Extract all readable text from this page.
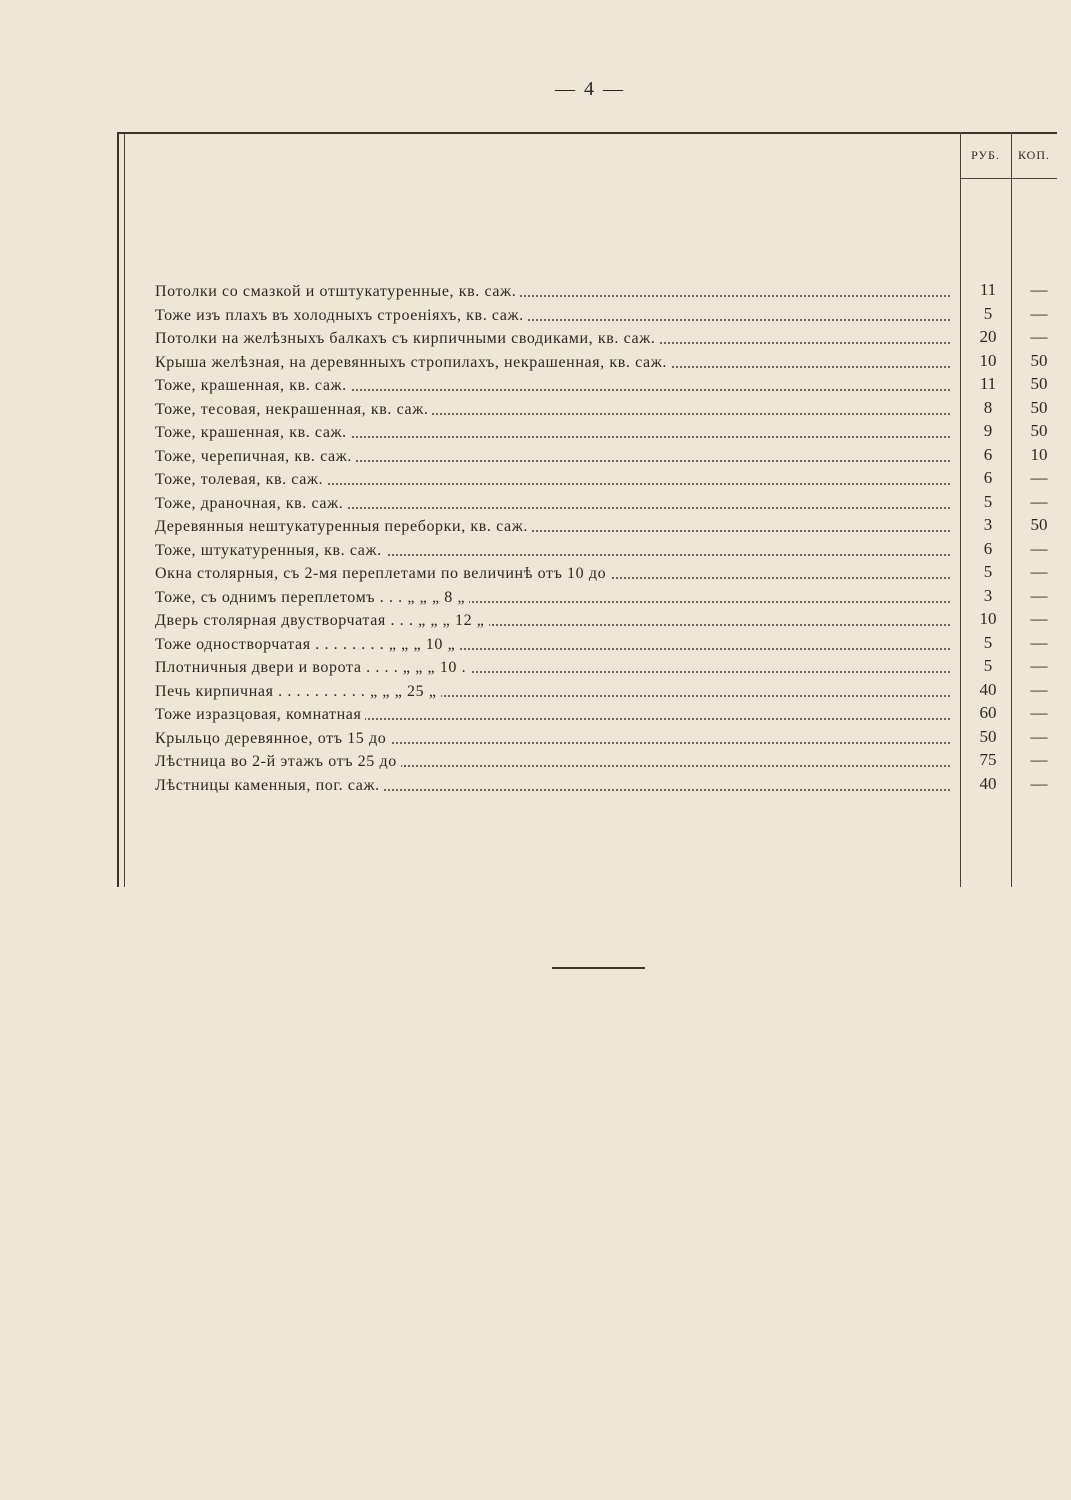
— 4 —
РУБ.	КОП.
Потолки со смазкой и отштукатуренные, кв. саж.	11	—
Тоже изъ плахъ въ холодныхъ строеніяхъ, кв. саж.	5	—
Потолки на желѣзныхъ балкахъ съ кирпичными сводиками, кв. саж.	20	—
Крыша желѣзная, на деревянныхъ стропилахъ, некрашенная, кв. саж.	10	50
Тоже, крашенная, кв. саж.	11	50
Тоже, тесовая, некрашенная, кв. саж.	8	50
Тоже, крашенная, кв. саж.	9	50
Тоже, черепичная, кв. саж.	6	10
Тоже, толевая, кв. саж.	6	—
Тоже, драночная, кв. саж.	5	—
Деревянныя нештукатуренныя переборки, кв. саж.	3	50
Тоже, штукатуренныя, кв. саж.	6	—
Окна столярныя, съ 2-мя переплетами по величинѣ отъ 10 до	5	—
Тоже, съ однимъ переплетомъ . . . „ „ „ 8 „	3	—
Дверь столярная двустворчатая . . . „ „ „ 12 „	10	—
Тоже одностворчатая . . . . . . . . „ „ „ 10 „	5	—
Плотничныя двери и ворота . . . . „ „ „ 10 .	5	—
Печь кирпичная . . . . . . . . . . „ „ „ 25 „	40	—
Тоже изразцовая, комнатная	60	—
Крыльцо деревянное, отъ 15 до	50	—
Лѣстница во 2-й этажъ отъ 25 до	75	—
Лѣстницы каменныя, пог. саж.	40	—
